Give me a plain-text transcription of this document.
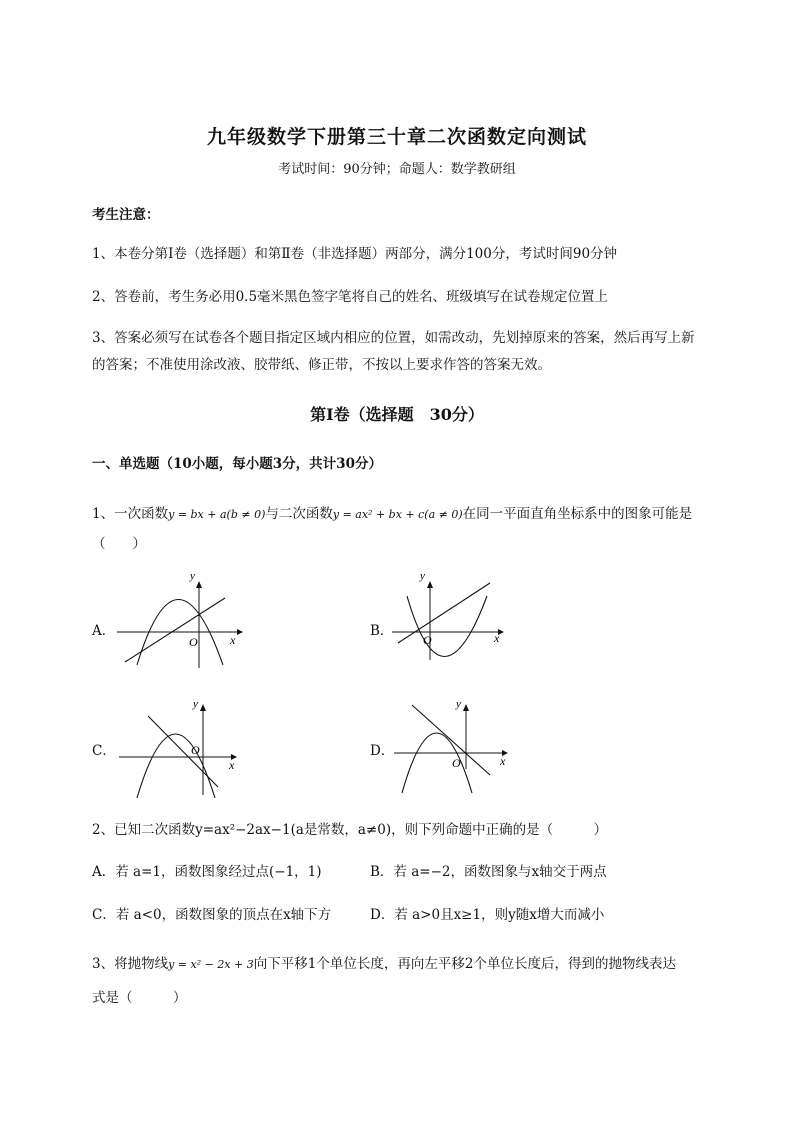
九年级数学下册第三十章二次函数定向测试
考试时间：90分钟；命题人：数学教研组
考生注意：
1、本卷分第I卷（选择题）和第Ⅱ卷（非选择题）两部分，满分100分，考试时间90分钟
2、答卷前，考生务必用0.5毫米黑色签字笔将自己的姓名、班级填写在试卷规定位置上
3、答案必须写在试卷各个题目指定区域内相应的位置，如需改动，先划掉原来的答案，然后再写上新
的答案；不准使用涂改液、胶带纸、修正带，不按以上要求作答的答案无效。
第I卷（选择题　30分）
一、单选题（10小题，每小题3分，共计30分）
1、一次函数y = bx + a(b ≠ 0)与二次函数y = ax² + bx + c(a ≠ 0)在同一平面直角坐标系中的图象可能是
（　　）
A．	B．
C．	D．
y
x
O
y
x
O
y
x
O
y
x
O
2、已知二次函数y=ax²−2ax−1(a是常数，a≠0)，则下列命题中正确的是（　　　）
A．若 a=1，函数图象经过点(−1，1)	B．若 a=−2，函数图象与x轴交于两点
C．若 a<0，函数图象的顶点在x轴下方	D．若 a>0且x≥1，则y随x增大而减小
3、将抛物线y = x² − 2x + 3向下平移1个单位长度，再向左平移2个单位长度后，得到的抛物线表达
式是（　　　）
